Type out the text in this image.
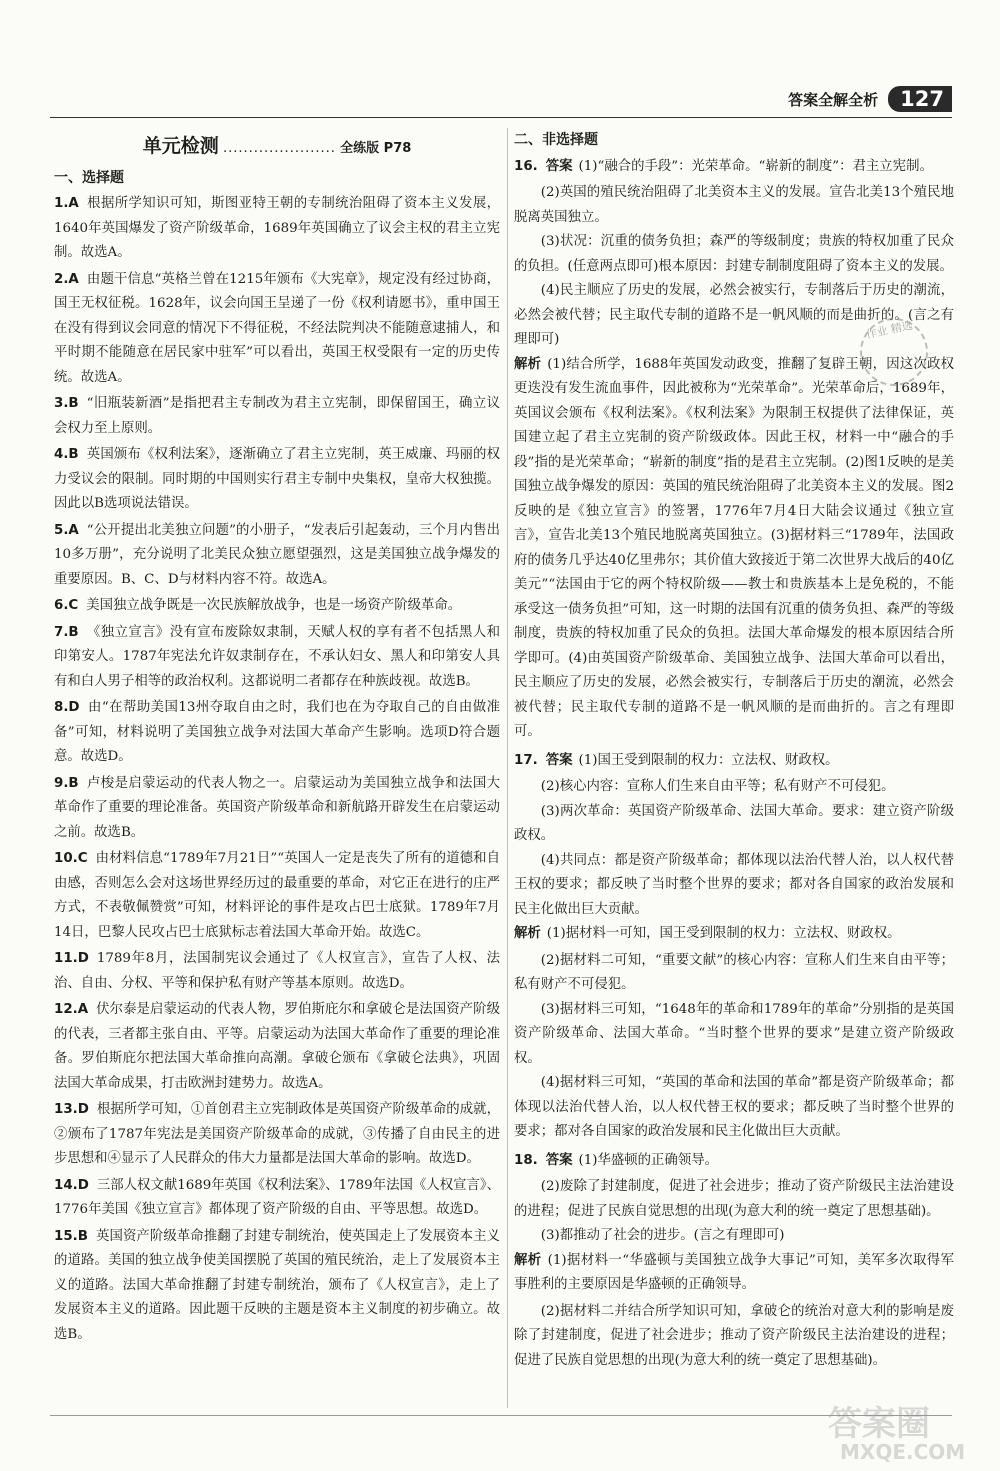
答案全解全析	127
单元检测 ...................... 全练版 P78
一、选择题
1.A 根据所学知识可知，斯图亚特王朝的专制统治阻碍了资本主义发展，1640年英国爆发了资产阶级革命，1689年英国确立了议会主权的君主立宪制。故选A。
2.A 由题干信息“英格兰曾在1215年颁布《大宪章》，规定没有经过协商，国王无权征税。1628年，议会向国王呈递了一份《权利请愿书》，重申国王在没有得到议会同意的情况下不得征税，不经法院判决不能随意逮捕人，和平时期不能随意在居民家中驻军”可以看出，英国王权受限有一定的历史传统。故选A。
3.B “旧瓶装新酒”是指把君主专制改为君主立宪制，即保留国王，确立议会权力至上原则。
4.B 英国颁布《权利法案》，逐渐确立了君主立宪制，英王威廉、玛丽的权力受议会的限制。同时期的中国则实行君主专制中央集权，皇帝大权独揽。因此以B选项说法错误。
5.A “公开提出北美独立问题”的小册子，“发表后引起轰动，三个月内售出10多万册”，充分说明了北美民众独立愿望强烈，这是美国独立战争爆发的重要原因。B、C、D与材料内容不符。故选A。
6.C 美国独立战争既是一次民族解放战争，也是一场资产阶级革命。
7.B 《独立宣言》没有宣布废除奴隶制，天赋人权的享有者不包括黑人和印第安人。1787年宪法允许奴隶制存在，不承认妇女、黑人和印第安人具有和白人男子相等的政治权利。这都说明二者都存在种族歧视。故选B。
8.D 由“在帮助美国13州夺取自由之时，我们也在为夺取自己的自由做准备”可知，材料说明了美国独立战争对法国大革命产生影响。选项D符合题意。故选D。
9.B 卢梭是启蒙运动的代表人物之一。启蒙运动为美国独立战争和法国大革命作了重要的理论准备。英国资产阶级革命和新航路开辟发生在启蒙运动之前。故选B。
10.C 由材料信息“1789年7月21日”“英国人一定是丧失了所有的道德和自由感，否则怎么会对这场世界经历过的最重要的革命，对它正在进行的庄严方式，不表敬佩赞赏”可知，材料评论的事件是攻占巴士底狱。1789年7月14日，巴黎人民攻占巴士底狱标志着法国大革命开始。故选C。
11.D 1789年8月，法国制宪议会通过了《人权宣言》，宣告了人权、法治、自由、分权、平等和保护私有财产等基本原则。故选D。
12.A 伏尔泰是启蒙运动的代表人物，罗伯斯庇尔和拿破仑是法国资产阶级的代表，三者都主张自由、平等。启蒙运动为法国大革命作了重要的理论准备。罗伯斯庇尔把法国大革命推向高潮。拿破仑颁布《拿破仑法典》，巩固法国大革命成果，打击欧洲封建势力。故选A。
13.D 根据所学可知，①首创君主立宪制政体是英国资产阶级革命的成就，②颁布了1787年宪法是美国资产阶级革命的成就，③传播了自由民主的进步思想和④显示了人民群众的伟大力量都是法国大革命的影响。故选D。
14.D 三部人权文献1689年英国《权利法案》、1789年法国《人权宣言》、1776年美国《独立宣言》都体现了资产阶级的自由、平等思想。故选D。
15.B 英国资产阶级革命推翻了封建专制统治，使英国走上了发展资本主义的道路。美国的独立战争使美国摆脱了英国的殖民统治，走上了发展资本主义的道路。法国大革命推翻了封建专制统治，颁布了《人权宣言》，走上了发展资本主义的道路。因此题干反映的主题是资本主义制度的初步确立。故选B。
二、非选择题
16. 答案 (1)“融合的手段”：光荣革命。“崭新的制度”：君主立宪制。

(2)英国的殖民统治阻碍了北美资本主义的发展。宣告北美13个殖民地脱离英国独立。

(3)状况：沉重的债务负担；森严的等级制度；贵族的特权加重了民众的负担。(任意两点即可)根本原因：封建专制制度阻碍了资本主义的发展。

(4)民主顺应了历史的发展，必然会被实行，专制落后于历史的潮流，必然会被代替；民主取代专制的道路不是一帆风顺的而是曲折的。(言之有理即可)

解析 (1)结合所学，1688年英国发动政变，推翻了复辟王朝，因这次政权更迭没有发生流血事件，因此被称为“光荣革命”。光荣革命后，1689年，英国议会颁布《权利法案》。《权利法案》为限制王权提供了法律保证，英国建立起了君主立宪制的资产阶级政体。因此王权，材料一中“融合的手段”指的是光荣革命；“崭新的制度”指的是君主立宪制。(2)图1反映的是美国独立战争爆发的原因：英国的殖民统治阻碍了北美资本主义的发展。图2反映的是《独立宣言》的签署，1776年7月4日大陆会议通过《独立宣言》，宣告北美13个殖民地脱离英国独立。(3)据材料三“1789年，法国政府的债务几乎达40亿里弗尔；其价值大致接近于第二次世界大战后的40亿美元”“法国由于它的两个特权阶级——教士和贵族基本上是免税的，不能承受这一债务负担”可知，这一时期的法国有沉重的债务负担、森严的等级制度，贵族的特权加重了民众的负担。法国大革命爆发的根本原因结合所学即可。(4)由英国资产阶级革命、美国独立战争、法国大革命可以看出，民主顺应了历史的发展，必然会被实行，专制落后于历史的潮流，必然会被代替；民主取代专制的道路不是一帆风顺的是而曲折的。言之有理即可。
17. 答案 (1)国王受到限制的权力：立法权、财政权。

(2)核心内容：宣称人们生来自由平等；私有财产不可侵犯。

(3)两次革命：英国资产阶级革命、法国大革命。要求：建立资产阶级政权。

(4)共同点：都是资产阶级革命；都体现以法治代替人治，以人权代替王权的要求；都反映了当时整个世界的要求；都对各自国家的政治发展和民主化做出巨大贡献。

解析 (1)据材料一可知，国王受到限制的权力：立法权、财政权。

(2)据材料二可知，“重要文献”的核心内容：宣称人们生来自由平等；私有财产不可侵犯。

(3)据材料三可知，“1648年的革命和1789年的革命”分别指的是英国资产阶级革命、法国大革命。“当时整个世界的要求”是建立资产阶级政权。

(4)据材料三可知，“英国的革命和法国的革命”都是资产阶级革命；都体现以法治代替人治，以人权代替王权的要求；都反映了当时整个世界的要求；都对各自国家的政治发展和民主化做出巨大贡献。

18. 答案 (1)华盛顿的正确领导。

(2)废除了封建制度，促进了社会进步；推动了资产阶级民主法治建设的进程；促进了民族自觉思想的出现(为意大利的统一奠定了思想基础)。

(3)都推动了社会的进步。(言之有理即可)

解析 (1)据材料一“华盛顿与美国独立战争大事记”可知，美军多次取得军事胜利的主要原因是华盛顿的正确领导。

(2)据材料二并结合所学知识可知，拿破仑的统治对意大利的影响是废除了封建制度，促进了社会进步；推动了资产阶级民主法治建设的进程；促进了民族自觉思想的出现(为意大利的统一奠定了思想基础)。

作业 精选
答案圈
MXQE.COM
